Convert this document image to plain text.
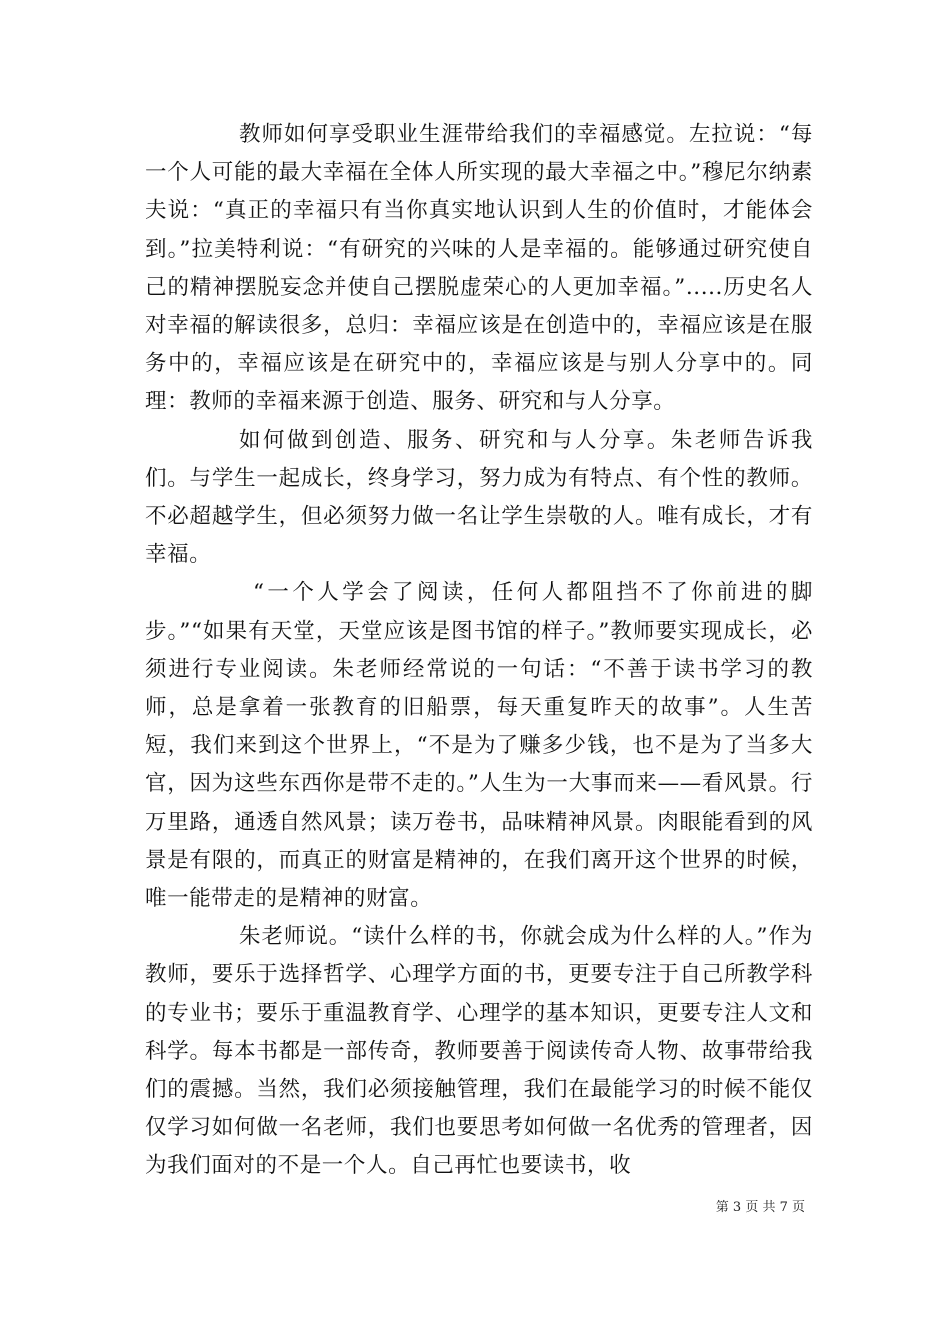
教师如何享受职业生涯带给我们的幸福感觉。左拉说：“每一个人可能的最大幸福在全体人所实现的最大幸福之中。”穆尼尔纳素夫说：“真正的幸福只有当你真实地认识到人生的价值时，才能体会到。”拉美特利说：“有研究的兴味的人是幸福的。能够通过研究使自己的精神摆脱妄念并使自己摆脱虚荣心的人更加幸福。”.....历史名人对幸福的解读很多，总归：幸福应该是在创造中的，幸福应该是在服务中的，幸福应该是在研究中的，幸福应该是与别人分享中的。同理：教师的幸福来源于创造、服务、研究和与人分享。

如何做到创造、服务、研究和与人分享。朱老师告诉我们。与学生一起成长，终身学习，努力成为有特点、有个性的教师。不必超越学生，但必须努力做一名让学生崇敬的人。唯有成长，才有幸福。

“一个人学会了阅读，任何人都阻挡不了你前进的脚步。”“如果有天堂，天堂应该是图书馆的样子。”教师要实现成长，必须进行专业阅读。朱老师经常说的一句话：“不善于读书学习的教师，总是拿着一张教育的旧船票，每天重复昨天的故事”。人生苦短，我们来到这个世界上，“不是为了赚多少钱，也不是为了当多大官，因为这些东西你是带不走的。”人生为一大事而来——看风景。行万里路，通透自然风景；读万卷书，品味精神风景。肉眼能看到的风景是有限的，而真正的财富是精神的，在我们离开这个世界的时候，唯一能带走的是精神的财富。

朱老师说。“读什么样的书，你就会成为什么样的人。”作为教师，要乐于选择哲学、心理学方面的书，更要专注于自己所教学科的专业书；要乐于重温教育学、心理学的基本知识，更要专注人文和科学。每本书都是一部传奇，教师要善于阅读传奇人物、故事带给我们的震撼。当然，我们必须接触管理，我们在最能学习的时候不能仅仅学习如何做一名老师，我们也要思考如何做一名优秀的管理者，因为我们面对的不是一个人。自己再忙也要读书，收

第 3 页 共 7 页
